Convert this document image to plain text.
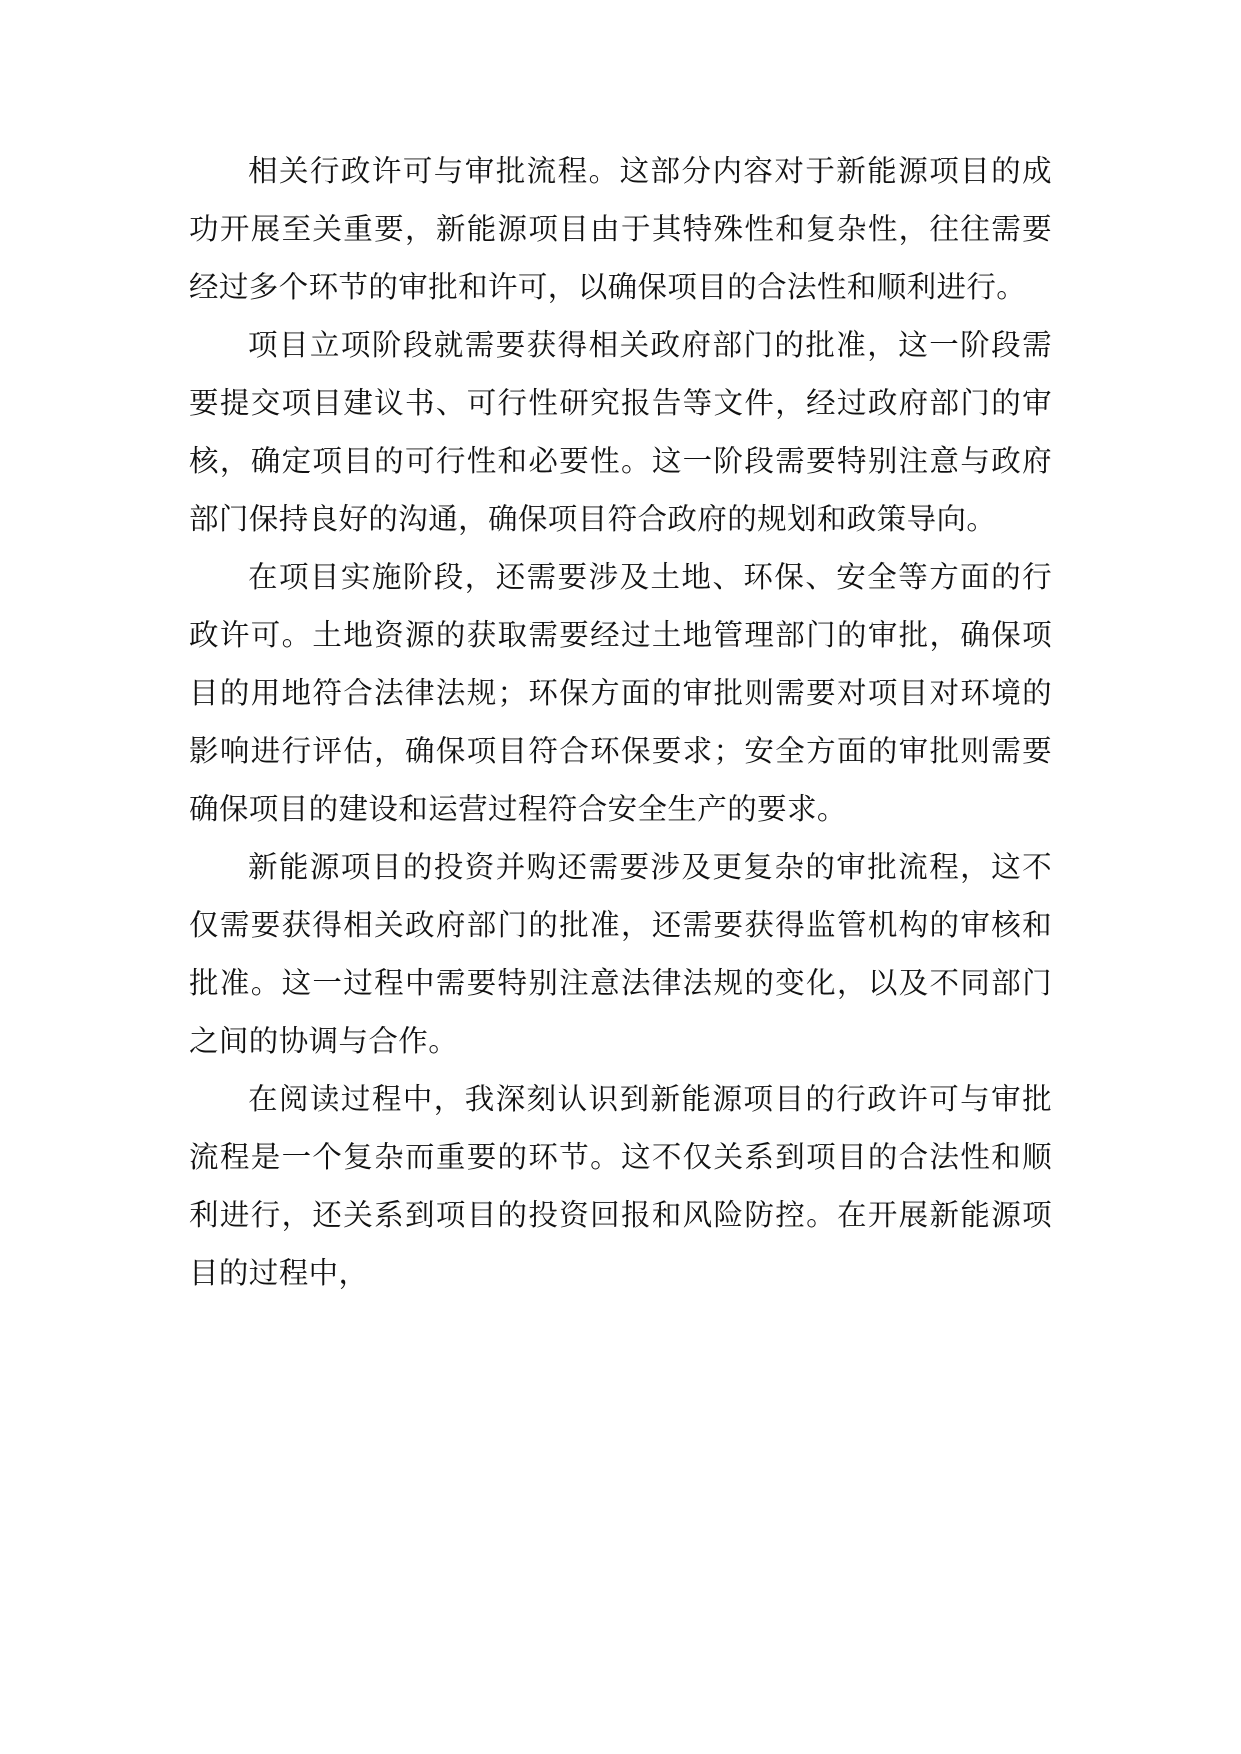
相关行政许可与审批流程。这部分内容对于新能源项目的成功开展至关重要，新能源项目由于其特殊性和复杂性，往往需要经过多个环节的审批和许可，以确保项目的合法性和顺利进行。

项目立项阶段就需要获得相关政府部门的批准，这一阶段需要提交项目建议书、可行性研究报告等文件，经过政府部门的审核，确定项目的可行性和必要性。这一阶段需要特别注意与政府部门保持良好的沟通，确保项目符合政府的规划和政策导向。

在项目实施阶段，还需要涉及土地、环保、安全等方面的行政许可。土地资源的获取需要经过土地管理部门的审批，确保项目的用地符合法律法规；环保方面的审批则需要对项目对环境的影响进行评估，确保项目符合环保要求；安全方面的审批则需要确保项目的建设和运营过程符合安全生产的要求。

新能源项目的投资并购还需要涉及更复杂的审批流程，这不仅需要获得相关政府部门的批准，还需要获得监管机构的审核和批准。这一过程中需要特别注意法律法规的变化，以及不同部门之间的协调与合作。

在阅读过程中，我深刻认识到新能源项目的行政许可与审批流程是一个复杂而重要的环节。这不仅关系到项目的合法性和顺利进行，还关系到项目的投资回报和风险防控。在开展新能源项目的过程中，
